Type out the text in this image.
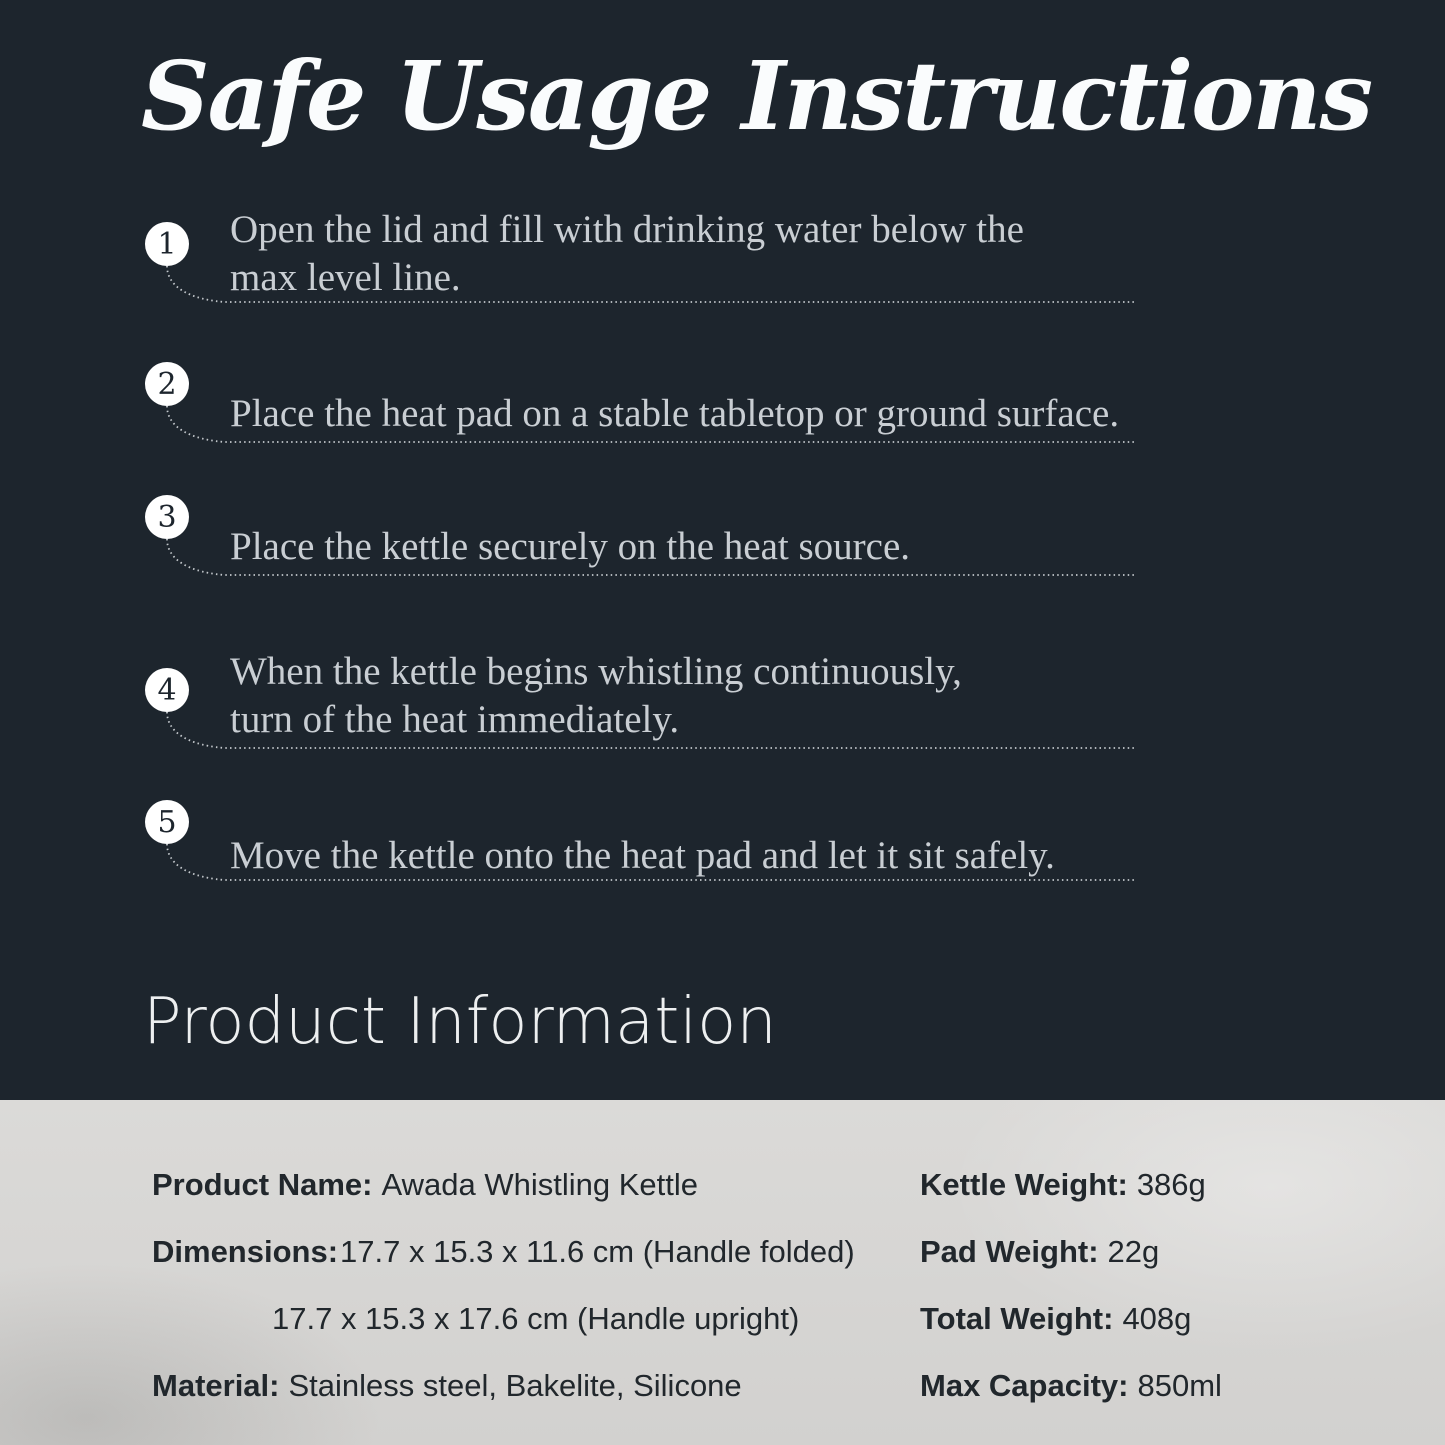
Safe Usage Instructions
1	Open the lid and fill with drinking water below the
max level line.
2
Place the heat pad on a stable tabletop or ground surface.
3
Place the kettle securely on the heat source.
4	When the kettle begins whistling continuously,
turn of the heat immediately.
5
Move the kettle onto the heat pad and let it sit safely.
Product Information
Product Name: Awada Whistling Kettle
Dimensions: 17.7 x 15.3 x 11.6 cm (Handle folded)
17.7 x 15.3 x 17.6 cm (Handle upright)
Material: Stainless steel, Bakelite, Silicone
Kettle Weight: 386g
Pad Weight: 22g
Total Weight: 408g
Max Capacity: 850ml
